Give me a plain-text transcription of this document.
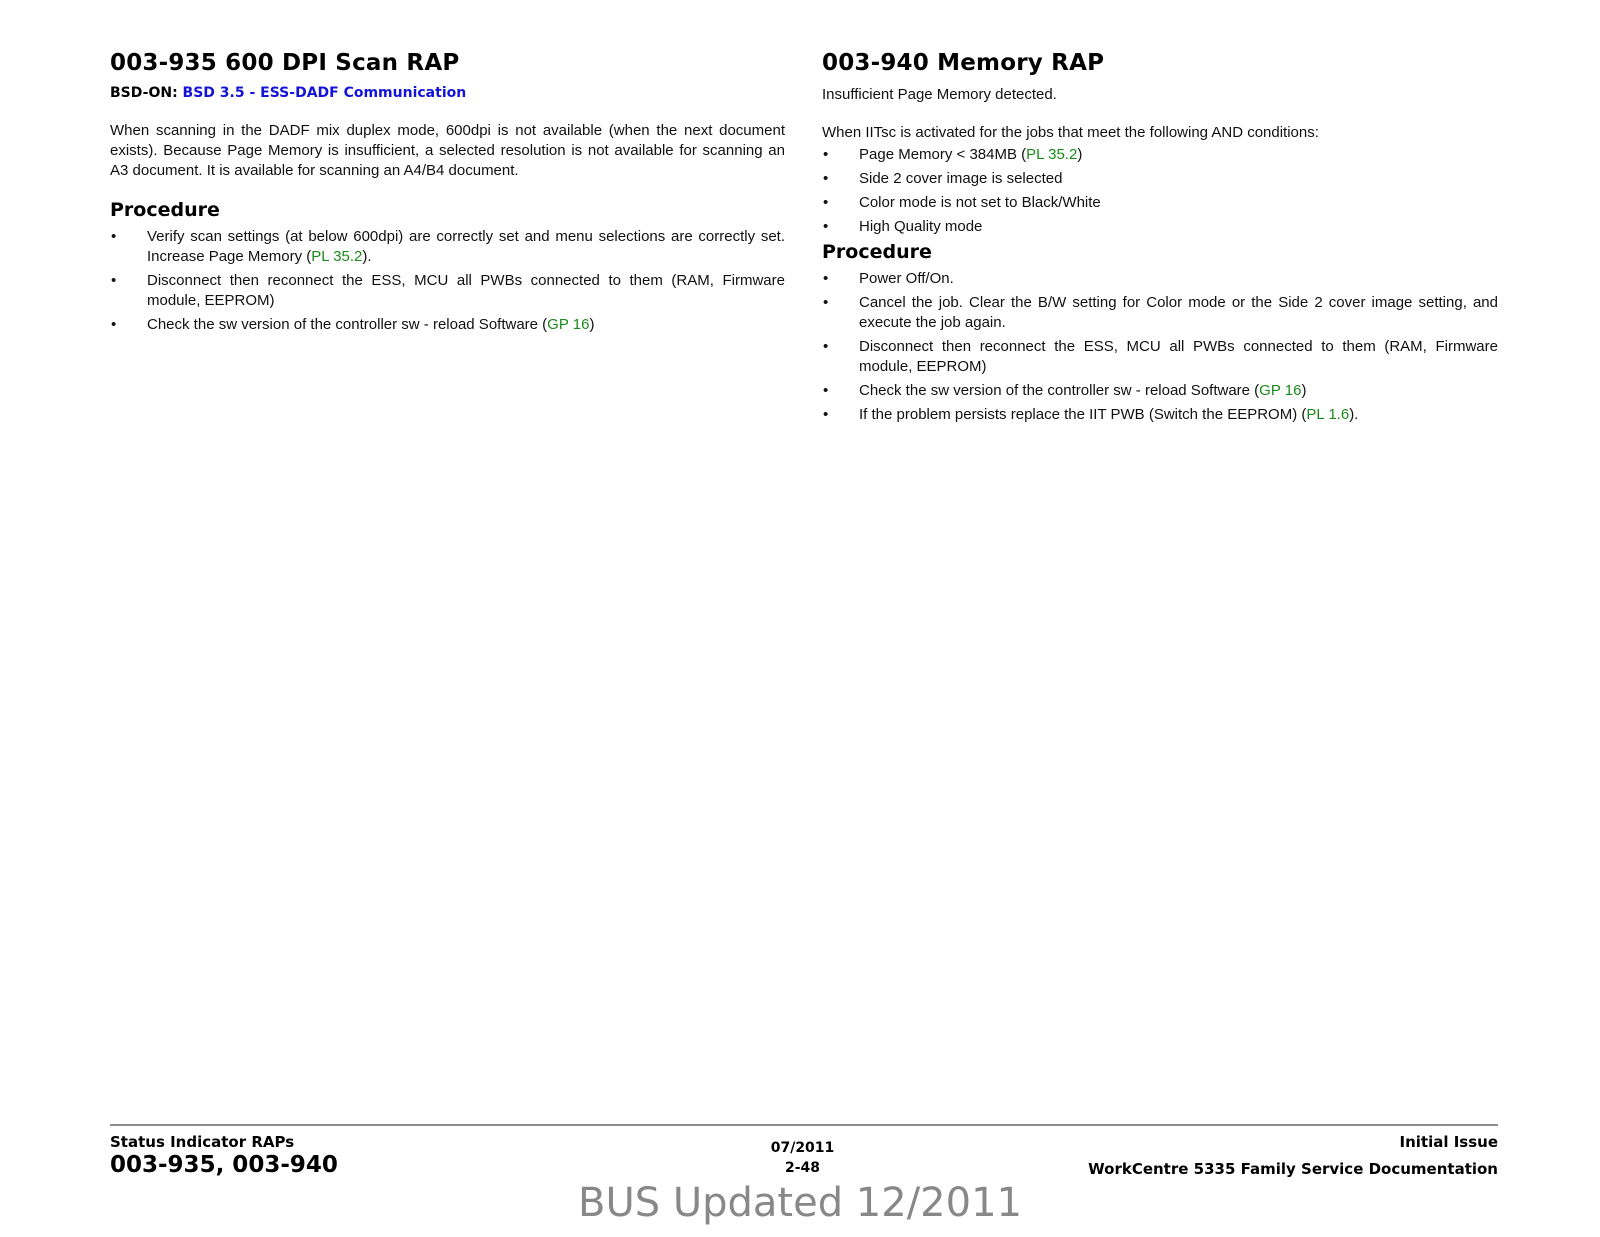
003-935 600 DPI Scan RAP
BSD-ON: BSD 3.5 - ESS-DADF Communication

When scanning in the DADF mix duplex mode, 600dpi is not available (when the next document exists). Because Page Memory is insufficient, a selected resolution is not available for scanning an A3 document. It is available for scanning an A4/B4 document.

Procedure
• Verify scan settings (at below 600dpi) are correctly set and menu selections are correctly set. Increase Page Memory (PL 35.2).
• Disconnect then reconnect the ESS, MCU all PWBs connected to them (RAM, Firmware module, EEPROM)
• Check the sw version of the controller sw - reload Software (GP 16)
003-940 Memory RAP

Insufficient Page Memory detected.

When IITsc is activated for the jobs that meet the following AND conditions:

• Page Memory < 384MB (PL 35.2)
• Side 2 cover image is selected
• Color mode is not set to Black/White
• High Quality mode
Procedure
• Power Off/On.
• Cancel the job. Clear the B/W setting for Color mode or the Side 2 cover image setting, and execute the job again.
• Disconnect then reconnect the ESS, MCU all PWBs connected to them (RAM, Firmware module, EEPROM)
• Check the sw version of the controller sw - reload Software (GP 16)
• If the problem persists replace the IIT PWB (Switch the EEPROM) (PL 1.6).
Status Indicator RAPs
003-935, 003-940
07/2011
2-48
Initial Issue
WorkCentre 5335 Family Service Documentation
BUS Updated 12/2011
